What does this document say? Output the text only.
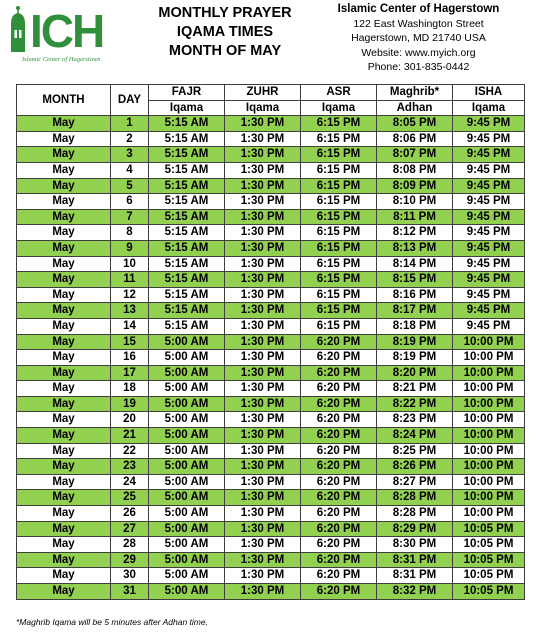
ICH
Islamic Center of Hagerstown
MONTHLY PRAYER
IQAMA TIMES
MONTH OF MAY
Islamic Center of Hagerstown
122 East Washington Street
Hagerstown, MD 21740 USA
Website: www.myich.org
Phone: 301-835-0442
MONTH	DAY	FAJR	ZUHR	ASR	Maghrib*	ISHA
		Iqama	Iqama	Iqama	Adhan	Iqama
May	1	5:15 AM	1:30 PM	6:15 PM	8:05 PM	9:45 PM
May	2	5:15 AM	1:30 PM	6:15 PM	8:06 PM	9:45 PM
May	3	5:15 AM	1:30 PM	6:15 PM	8:07 PM	9:45 PM
May	4	5:15 AM	1:30 PM	6:15 PM	8:08 PM	9:45 PM
May	5	5:15 AM	1:30 PM	6:15 PM	8:09 PM	9:45 PM
May	6	5:15 AM	1:30 PM	6:15 PM	8:10 PM	9:45 PM
May	7	5:15 AM	1:30 PM	6:15 PM	8:11 PM	9:45 PM
May	8	5:15 AM	1:30 PM	6:15 PM	8:12 PM	9:45 PM
May	9	5:15 AM	1:30 PM	6:15 PM	8:13 PM	9:45 PM
May	10	5:15 AM	1:30 PM	6:15 PM	8:14 PM	9:45 PM
May	11	5:15 AM	1:30 PM	6:15 PM	8:15 PM	9:45 PM
May	12	5:15 AM	1:30 PM	6:15 PM	8:16 PM	9:45 PM
May	13	5:15 AM	1:30 PM	6:15 PM	8:17 PM	9:45 PM
May	14	5:15 AM	1:30 PM	6:15 PM	8:18 PM	9:45 PM
May	15	5:00 AM	1:30 PM	6:20 PM	8:19 PM	10:00 PM
May	16	5:00 AM	1:30 PM	6:20 PM	8:19 PM	10:00 PM
May	17	5:00 AM	1:30 PM	6:20 PM	8:20 PM	10:00 PM
May	18	5:00 AM	1:30 PM	6:20 PM	8:21 PM	10:00 PM
May	19	5:00 AM	1:30 PM	6:20 PM	8:22 PM	10:00 PM
May	20	5:00 AM	1:30 PM	6:20 PM	8:23 PM	10:00 PM
May	21	5:00 AM	1:30 PM	6:20 PM	8:24 PM	10:00 PM
May	22	5:00 AM	1:30 PM	6:20 PM	8:25 PM	10:00 PM
May	23	5:00 AM	1:30 PM	6:20 PM	8:26 PM	10:00 PM
May	24	5:00 AM	1:30 PM	6:20 PM	8:27 PM	10:00 PM
May	25	5:00 AM	1:30 PM	6:20 PM	8:28 PM	10:00 PM
May	26	5:00 AM	1:30 PM	6:20 PM	8:28 PM	10:00 PM
May	27	5:00 AM	1:30 PM	6:20 PM	8:29 PM	10:05 PM
May	28	5:00 AM	1:30 PM	6:20 PM	8:30 PM	10:05 PM
May	29	5:00 AM	1:30 PM	6:20 PM	8:31 PM	10:05 PM
May	30	5:00 AM	1:30 PM	6:20 PM	8:31 PM	10:05 PM
May	31	5:00 AM	1:30 PM	6:20 PM	8:32 PM	10:05 PM
*Maghrib Iqama will be 5 minutes after Adhan time.
